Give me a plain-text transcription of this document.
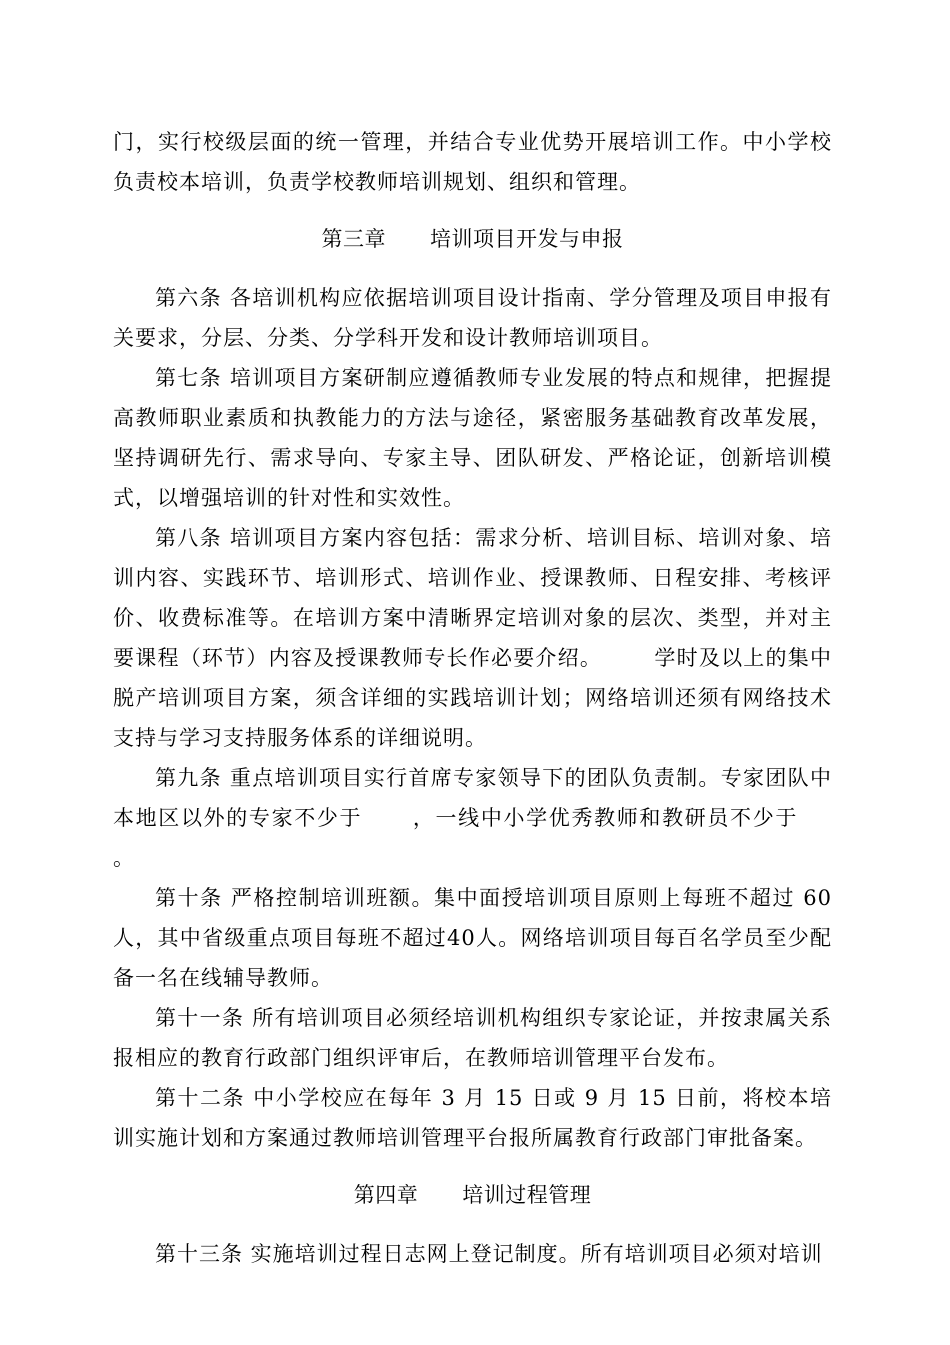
门，实行校级层面的统一管理，并结合专业优势开展培训工作。中小学校负责校本培训，负责学校教师培训规划、组织和管理。

第三章 培训项目开发与申报

第六条 各培训机构应依据培训项目设计指南、学分管理及项目申报有关要求，分层、分类、分学科开发和设计教师培训项目。

第七条 培训项目方案研制应遵循教师专业发展的特点和规律，把握提高教师职业素质和执教能力的方法与途径，紧密服务基础教育改革发展，坚持调研先行、需求导向、专家主导、团队研发、严格论证，创新培训模式，以增强培训的针对性和实效性。

第八条 培训项目方案内容包括：需求分析、培训目标、培训对象、培训内容、实践环节、培训形式、培训作业、授课教师、日程安排、考核评价、收费标准等。在培训方案中清晰界定培训对象的层次、类型，并对主要课程（环节）内容及授课教师专长作必要介绍。 学时及以上的集中脱产培训项目方案，须含详细的实践培训计划；网络培训还须有网络技术支持与学习支持服务体系的详细说明。

第九条 重点培训项目实行首席专家领导下的团队负责制。专家团队中本地区以外的专家不少于 ，一线中小学优秀教师和教研员不少于。

第十条 严格控制培训班额。集中面授培训项目原则上每班不超过 60人，其中省级重点项目每班不超过40人。网络培训项目每百名学员至少配备一名在线辅导教师。

第十一条 所有培训项目必须经培训机构组织专家论证，并按隶属关系报相应的教育行政部门组织评审后，在教师培训管理平台发布。

第十二条 中小学校应在每年 3 月 15 日或 9 月 15 日前，将校本培训实施计划和方案通过教师培训管理平台报所属教育行政部门审批备案。

第四章 培训过程管理

第十三条 实施培训过程日志网上登记制度。所有培训项目必须对培训
